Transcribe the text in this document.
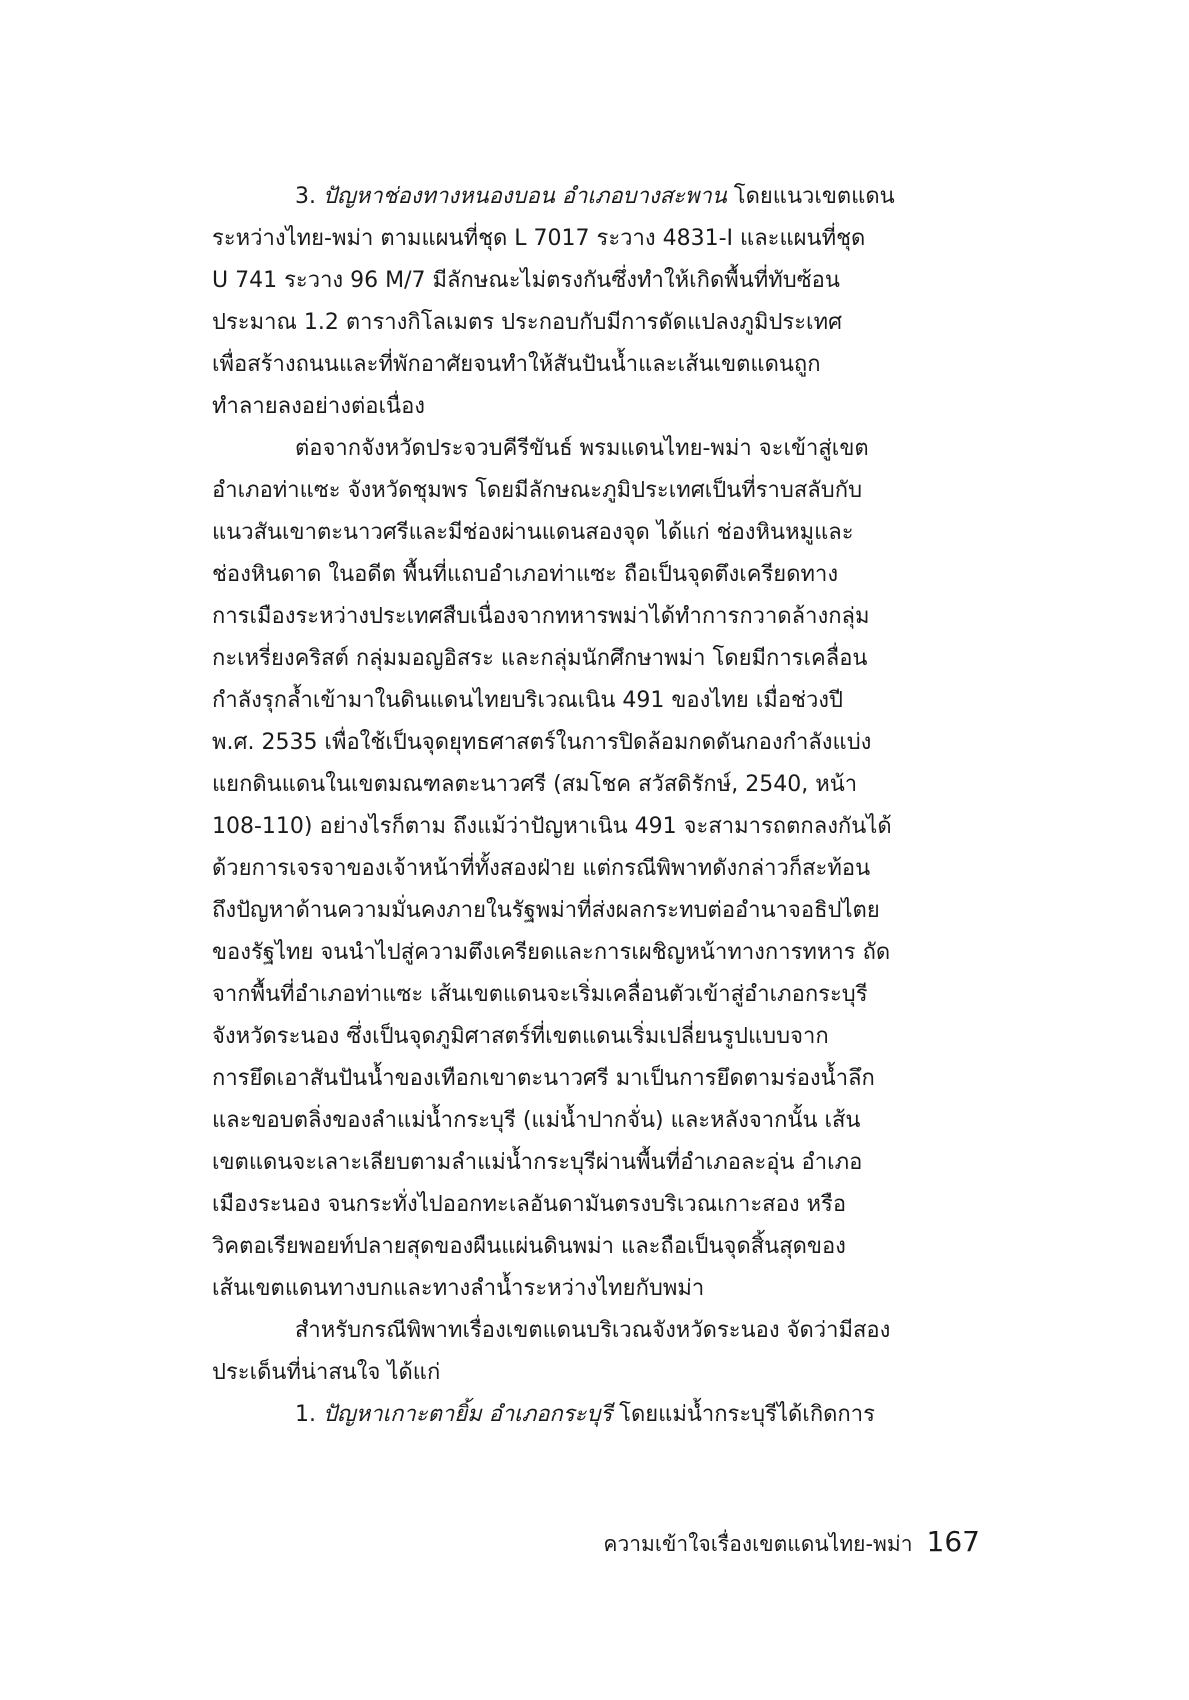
3. ปัญหาช่องทางหนองบอน อำเภอบางสะพาน โดยแนวเขตแดน
ระหว่างไทย-พม่า ตามแผนที่ชุด L 7017 ระวาง 4831-I และแผนที่ชุด
U 741 ระวาง 96 M/7 มีลักษณะไม่ตรงกันซึ่งทำให้เกิดพื้นที่ทับซ้อน
ประมาณ 1.2 ตารางกิโลเมตร ประกอบกับมีการดัดแปลงภูมิประเทศ
เพื่อสร้างถนนและที่พักอาศัยจนทำให้สันปันน้ำและเส้นเขตแดนถูก
ทำลายลงอย่างต่อเนื่อง
ต่อจากจังหวัดประจวบคีรีขันธ์ พรมแดนไทย-พม่า จะเข้าสู่เขต
อำเภอท่าแซะ จังหวัดชุมพร โดยมีลักษณะภูมิประเทศเป็นที่ราบสลับกับ
แนวสันเขาตะนาวศรีและมีช่องผ่านแดนสองจุด ได้แก่ ช่องหินหมูและ
ช่องหินดาด ในอดีต พื้นที่แถบอำเภอท่าแซะ ถือเป็นจุดตึงเครียดทาง
การเมืองระหว่างประเทศสืบเนื่องจากทหารพม่าได้ทำการกวาดล้างกลุ่ม
กะเหรี่ยงคริสต์ กลุ่มมอญอิสระ และกลุ่มนักศึกษาพม่า โดยมีการเคลื่อน
กำลังรุกล้ำเข้ามาในดินแดนไทยบริเวณเนิน 491 ของไทย เมื่อช่วงปี
พ.ศ. 2535 เพื่อใช้เป็นจุดยุทธศาสตร์ในการปิดล้อมกดดันกองกำลังแบ่ง
แยกดินแดนในเขตมณฑลตะนาวศรี (สมโชค สวัสดิรักษ์, 2540, หน้า
108-110) อย่างไรก็ตาม ถึงแม้ว่าปัญหาเนิน 491 จะสามารถตกลงกันได้
ด้วยการเจรจาของเจ้าหน้าที่ทั้งสองฝ่าย แต่กรณีพิพาทดังกล่าวก็สะท้อน
ถึงปัญหาด้านความมั่นคงภายในรัฐพม่าที่ส่งผลกระทบต่ออำนาจอธิปไตย
ของรัฐไทย จนนำไปสู่ความตึงเครียดและการเผชิญหน้าทางการทหาร ถัด
จากพื้นที่อำเภอท่าแซะ เส้นเขตแดนจะเริ่มเคลื่อนตัวเข้าสู่อำเภอกระบุรี
จังหวัดระนอง ซึ่งเป็นจุดภูมิศาสตร์ที่เขตแดนเริ่มเปลี่ยนรูปแบบจาก
การยึดเอาสันปันน้ำของเทือกเขาตะนาวศรี มาเป็นการยึดตามร่องน้ำลึก
และขอบตลิ่งของลำแม่น้ำกระบุรี (แม่น้ำปากจั่น) และหลังจากนั้น เส้น
เขตแดนจะเลาะเลียบตามลำแม่น้ำกระบุรีผ่านพื้นที่อำเภอละอุ่น อำเภอ
เมืองระนอง จนกระทั่งไปออกทะเลอันดามันตรงบริเวณเกาะสอง หรือ
วิคตอเรียพอยท์ปลายสุดของผืนแผ่นดินพม่า และถือเป็นจุดสิ้นสุดของ
เส้นเขตแดนทางบกและทางลำน้ำระหว่างไทยกับพม่า
สำหรับกรณีพิพาทเรื่องเขตแดนบริเวณจังหวัดระนอง จัดว่ามีสอง
ประเด็นที่น่าสนใจ ได้แก่
1. ปัญหาเกาะตายิ้ม อำเภอกระบุรี โดยแม่น้ำกระบุรีได้เกิดการ
ความเข้าใจเรื่องเขตแดนไทย-พม่า 167
